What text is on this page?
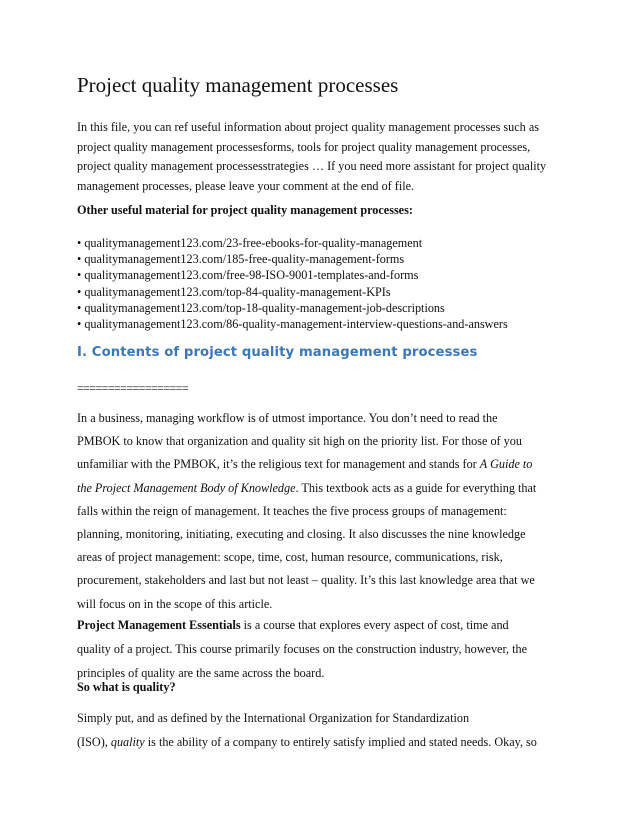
Project quality management processes
In this file, you can ref useful information about project quality management processes such as
project quality management processesforms, tools for project quality management processes,
project quality management processesstrategies … If you need more assistant for project quality
management processes, please leave your comment at the end of file.
Other useful material for project quality management processes:
• qualitymanagement123.com/23-free-ebooks-for-quality-management
• qualitymanagement123.com/185-free-quality-management-forms
• qualitymanagement123.com/free-98-ISO-9001-templates-and-forms
• qualitymanagement123.com/top-84-quality-management-KPIs
• qualitymanagement123.com/top-18-quality-management-job-descriptions
• qualitymanagement123.com/86-quality-management-interview-questions-and-answers
I. Contents of project quality management processes
==================
In a business, managing workflow is of utmost importance. You don’t need to read the
PMBOK to know that organization and quality sit high on the priority list. For those of you
unfamiliar with the PMBOK, it’s the religious text for management and stands for A Guide to
the Project Management Body of Knowledge. This textbook acts as a guide for everything that
falls within the reign of management. It teaches the five process groups of management:
planning, monitoring, initiating, executing and closing. It also discusses the nine knowledge
areas of project management: scope, time, cost, human resource, communications, risk,
procurement, stakeholders and last but not least – quality. It’s this last knowledge area that we
will focus on in the scope of this article.
Project Management Essentials is a course that explores every aspect of cost, time and
quality of a project. This course primarily focuses on the construction industry, however, the
principles of quality are the same across the board.
So what is quality?
Simply put, and as defined by the International Organization for Standardization
(ISO), quality is the ability of a company to entirely satisfy implied and stated needs. Okay, so
